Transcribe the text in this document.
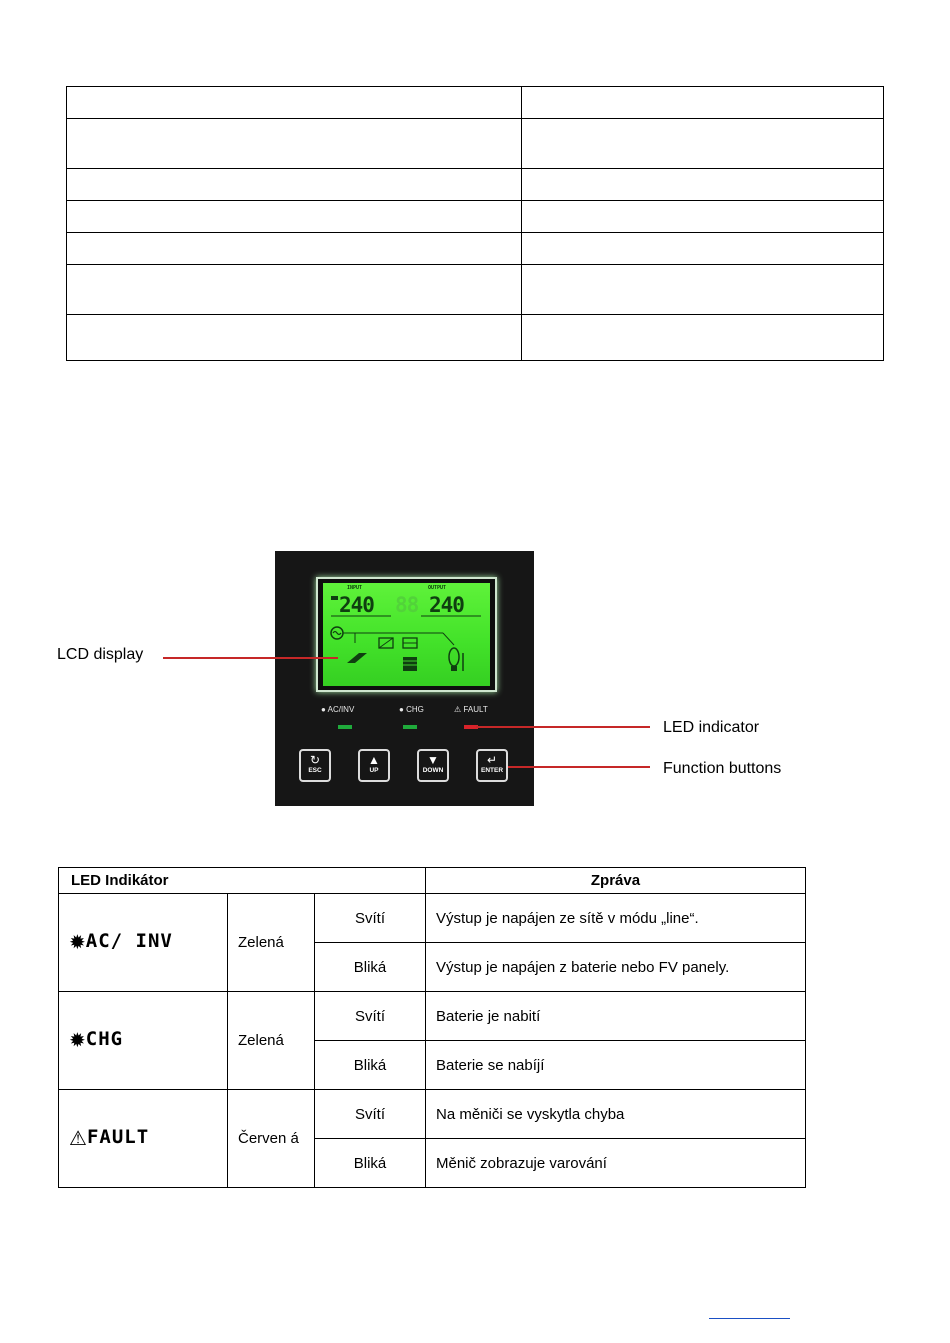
INPUT	OUTPUT
240 88 240
● AC/INV	● CHG	⚠ FAULT
↻
ESC
▲
UP
▼
DOWN
↵
ENTER
LCD display
LED indicator
Function buttons
LED Indikátor			Zpráva
✹AC/ INV	Zelená	Svítí	Výstup je napájen ze sítě v módu „line“.
		Bliká	Výstup je napájen z baterie nebo FV panely.
✹CHG	Zelená	Svítí	Baterie je nabití
		Bliká	Baterie se nabíjí
⚠FAULT	Červen á	Svítí	Na měniči se vyskytla chyba
		Bliká	Měnič zobrazuje varování
